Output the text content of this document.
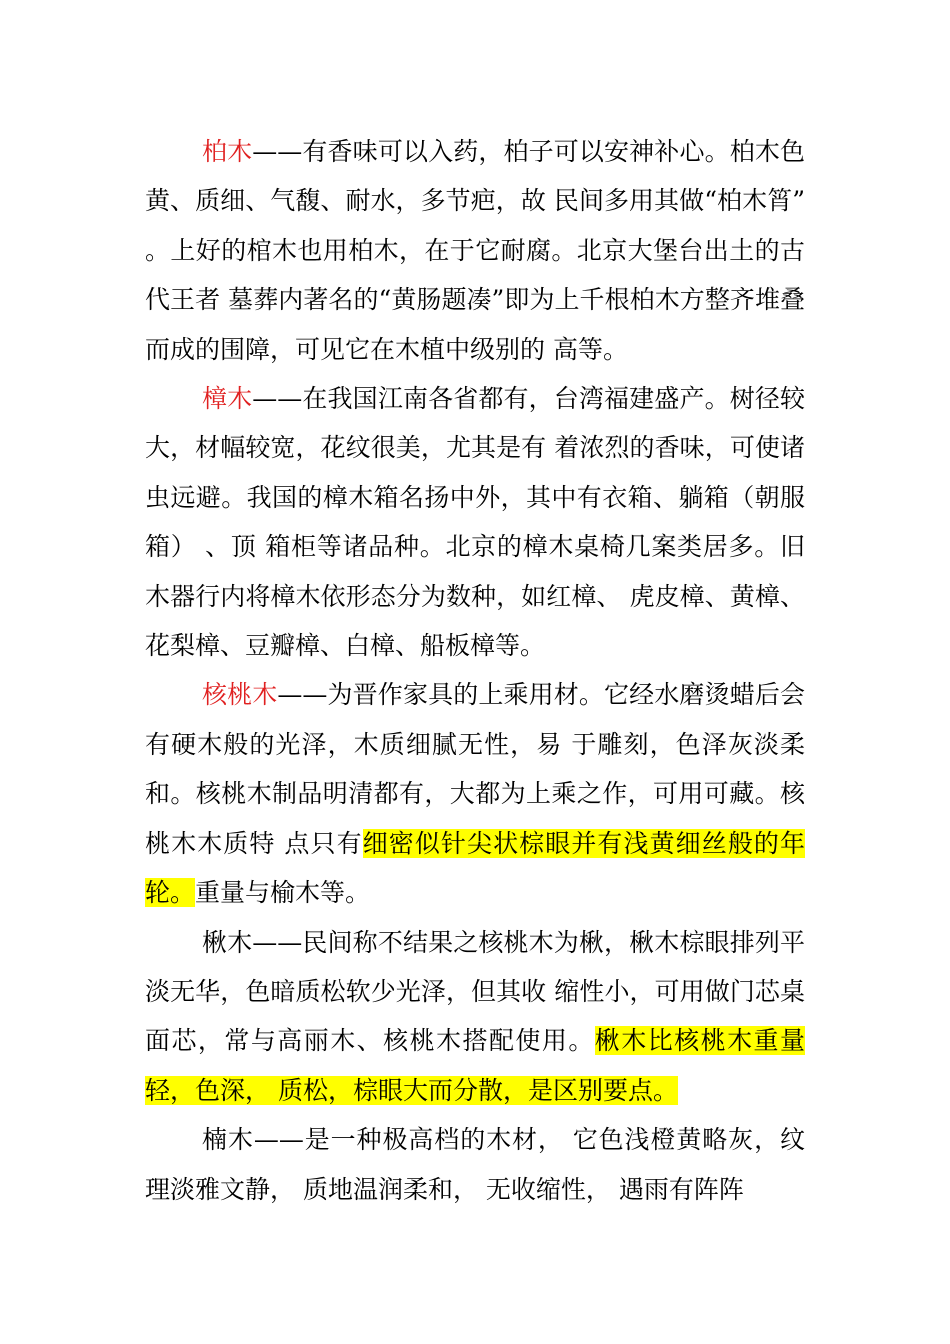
柏木——有香味可以入药，柏子可以安神补心。柏木色黄、质细、气馥、耐水，多节疤，故 民间多用其做“柏木筲” 。上好的棺木也用柏木，在于它耐腐。北京大堡台出土的古代王者 墓葬内著名的“黄肠题凑”即为上千根柏木方整齐堆叠而成的围障，可见它在木植中级别的 高等。

樟木——在我国江南各省都有，台湾福建盛产。树径较大，材幅较宽，花纹很美，尤其是有 着浓烈的香味，可使诸虫远避。我国的樟木箱名扬中外，其中有衣箱、躺箱（朝服箱） 、顶 箱柜等诸品种。北京的樟木桌椅几案类居多。旧木器行内将樟木依形态分为数种，如红樟、 虎皮樟、黄樟、花梨樟、豆瓣樟、白樟、船板樟等。

核桃木——为晋作家具的上乘用材。它经水磨烫蜡后会有硬木般的光泽，木质细腻无性，易 于雕刻，色泽灰淡柔和。核桃木制品明清都有，大都为上乘之作，可用可藏。核桃木木质特 点只有细密似针尖状棕眼并有浅黄细丝般的年轮。重量与榆木等。

楸木——民间称不结果之核桃木为楸，楸木棕眼排列平淡无华，色暗质松软少光泽，但其收 缩性小，可用做门芯桌面芯，常与高丽木、核桃木搭配使用。楸木比核桃木重量轻，色深， 质松，棕眼大而分散，是区别要点。

楠木——是一种极高档的木材， 它色浅橙黄略灰，纹理淡雅文静， 质地温润柔和， 无收缩性， 遇雨有阵阵
